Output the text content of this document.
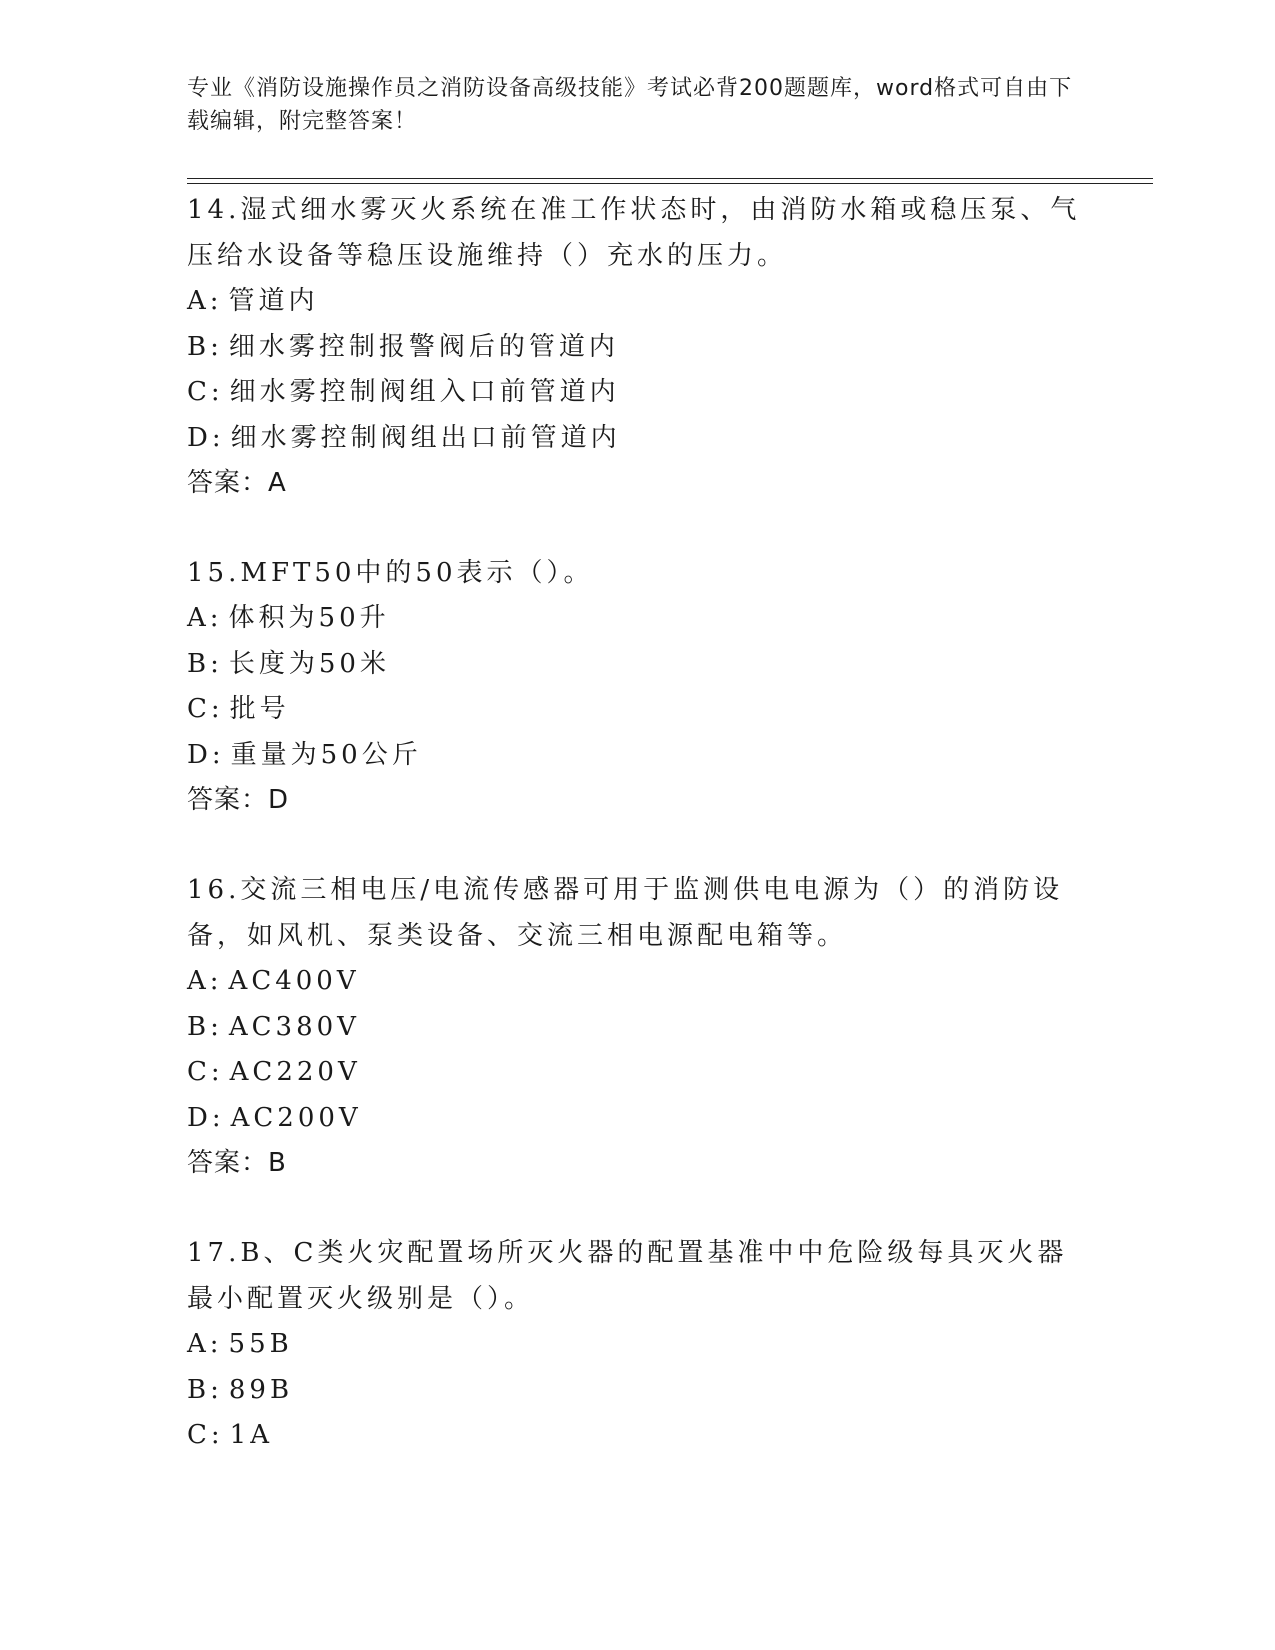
专业《消防设施操作员之消防设备高级技能》考试必背200题题库，word格式可自由下载编辑，附完整答案！
14.湿式细水雾灭火系统在准工作状态时，由消防水箱或稳压泵、气压给水设备等稳压设施维持（）充水的压力。
A: 管道内
B: 细水雾控制报警阀后的管道内
C: 细水雾控制阀组入口前管道内
D: 细水雾控制阀组出口前管道内
答案：A
15.MFT50中的50表示（）。
A: 体积为50升
B: 长度为50米
C: 批号
D: 重量为50公斤
答案：D
16.交流三相电压/电流传感器可用于监测供电电源为（）的消防设备，如风机、泵类设备、交流三相电源配电箱等。
A: AC400V
B: AC380V
C: AC220V
D: AC200V
答案：B
17.B、C类火灾配置场所灭火器的配置基准中中危险级每具灭火器最小配置灭火级别是（）。
A: 55B
B: 89B
C: 1A
